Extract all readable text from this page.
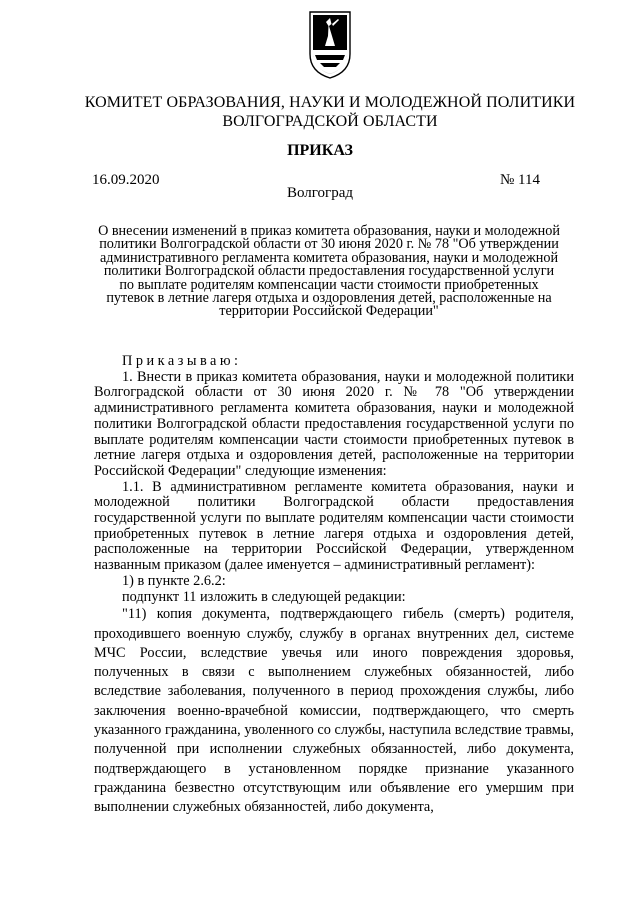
КОМИТЕТ ОБРАЗОВАНИЯ, НАУКИ И МОЛОДЕЖНОЙ ПОЛИТИКИ
ВОЛГОГРАДСКОЙ ОБЛАСТИ
ПРИКАЗ
16.09.2020	№ 114
Волгоград
О внесении изменений в приказ комитета образования, науки и молодежной политики Волгоградской области от 30 июня 2020 г. № 78 "Об утверждении административного регламента комитета образования, науки и молодежной политики Волгоградской области предоставления государственной услуги по выплате родителям компенсации части стоимости приобретенных путевок в летние лагеря отдыха и оздоровления детей, расположенные на территории Российской Федерации"

Приказываю:

1. Внести в приказ комитета образования, науки и молодежной политики Волгоградской области от 30 июня 2020 г. № 78 "Об утверждении административного регламента комитета образования, науки и молодежной политики Волгоградской области предоставления государственной услуги по выплате родителям компенсации части стоимости приобретенных путевок в летние лагеря отдыха и оздоровления детей, расположенные на территории Российской Федерации" следующие изменения:

1.1. В административном регламенте комитета образования, науки и молодежной политики Волгоградской области предоставления государственной услуги по выплате родителям компенсации части стоимости приобретенных путевок в летние лагеря отдыха и оздоровления детей, расположенные на территории Российской Федерации, утвержденном названным приказом (далее именуется – административный регламент):

1) в пункте 2.6.2:

подпункт 11 изложить в следующей редакции:

"11) копия документа, подтверждающего гибель (смерть) родителя, проходившего военную службу, службу в органах внутренних дел, системе МЧС России, вследствие увечья или иного повреждения здоровья, полученных в связи с выполнением служебных обязанностей, либо вследствие заболевания, полученного в период прохождения службы, либо заключения военно-врачебной комиссии, подтверждающего, что смерть указанного гражданина, уволенного со службы, наступила вследствие травмы, полученной при исполнении служебных обязанностей, либо документа, подтверждающего в установленном порядке признание указанного гражданина безвестно отсутствующим или объявление его умершим при выполнении служебных обязанностей, либо документа,
